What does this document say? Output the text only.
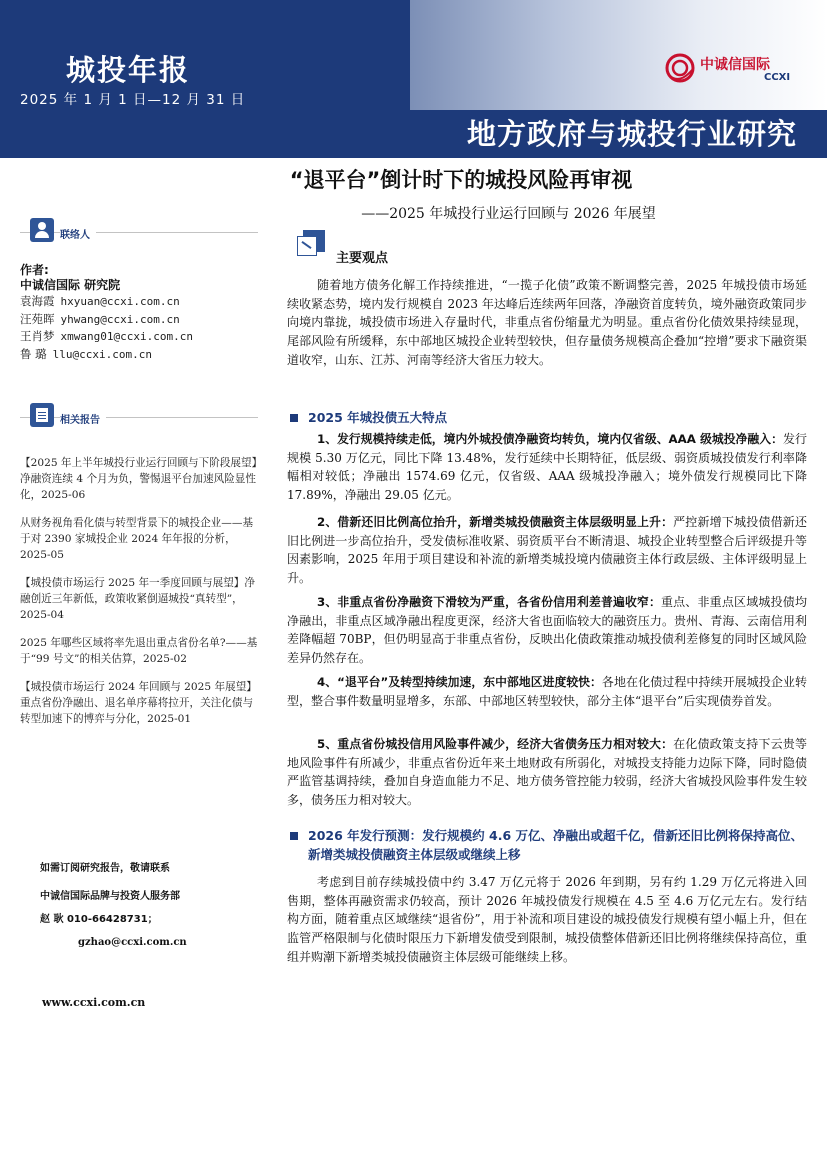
城投年报
2025 年 1 月 1 日—12 月 31 日
地方政府与城投行业研究
中诚信国际
CCXI
“退平台”倒计时下的城投风险再审视
——2025 年城投行业运行回顾与 2026 年展望
联络人
作者:
中诚信国际 研究院
袁海霞 hxyuan@ccxi.com.cn
汪苑晖 yhwang@ccxi.com.cn
王肖梦 xmwang01@ccxi.com.cn
鲁 璐 llu@ccxi.com.cn
相关报告
【2025 年上半年城投行业运行回顾与下阶段展望】净融资连续 4 个月为负，警惕退平台加速风险显性化，2025-06
从财务视角看化债与转型背景下的城投企业——基于对 2390 家城投企业 2024 年年报的分析，2025-05
【城投债市场运行 2025 年一季度回顾与展望】净融创近三年新低，政策收紧倒逼城投“真转型”，2025-04
2025 年哪些区域将率先退出重点省份名单?——基于“99 号文”的相关估算，2025-02
【城投债市场运行 2024 年回顾与 2025 年展望】重点省份净融出、退名单序幕将拉开，关注化债与转型加速下的博弈与分化，2025-01
如需订阅研究报告，敬请联系
中诚信国际品牌与投资人服务部
赵 耿 010-66428731；
gzhao@ccxi.com.cn
www.ccxi.com.cn
主要观点
随着地方债务化解工作持续推进，“一揽子化债”政策不断调整完善，2025 年城投债市场延续收紧态势，境内发行规模自 2023 年达峰后连续两年回落，净融资首度转负，境外融资政策同步向境内靠拢，城投债市场进入存量时代，非重点省份缩量尤为明显。重点省份化债效果持续显现，尾部风险有所缓释，东中部地区城投企业转型较快，但存量债务规模高企叠加“控增”要求下融资渠道收窄，山东、江苏、河南等经济大省压力较大。
2025 年城投债五大特点
1、发行规模持续走低，境内外城投债净融资均转负，境内仅省级、AAA 级城投净融入：发行规模 5.30 万亿元，同比下降 13.48%，发行延续中长期特征，低层级、弱资质城投债发行利率降幅相对较低；净融出 1574.69 亿元，仅省级、AAA 级城投净融入；境外债发行规模同比下降 17.89%，净融出 29.05 亿元。
2、借新还旧比例高位抬升，新增类城投债融资主体层级明显上升：严控新增下城投债借新还旧比例进一步高位抬升，受发债标准收紧、弱资质平台不断清退、城投企业转型整合后评级提升等因素影响，2025 年用于项目建设和补流的新增类城投境内债融资主体行政层级、主体评级明显上升。
3、非重点省份净融资下滑较为严重，各省份信用利差普遍收窄：重点、非重点区域城投债均净融出，非重点区域净融出程度更深，经济大省也面临较大的融资压力。贵州、青海、云南信用利差降幅超 70BP，但仍明显高于非重点省份，反映出化债政策推动城投债利差修复的同时区域风险差异仍然存在。
4、“退平台”及转型持续加速，东中部地区进度较快：各地在化债过程中持续开展城投企业转型，整合事件数量明显增多，东部、中部地区转型较快，部分主体“退平台”后实现债券首发。
5、重点省份城投信用风险事件减少，经济大省债务压力相对较大：在化债政策支持下云贵等地风险事件有所减少，非重点省份近年来土地财政有所弱化，对城投支持能力边际下降，同时隐债严监管基调持续，叠加自身造血能力不足、地方债务管控能力较弱，经济大省城投风险事件发生较多，债务压力相对较大。
2026 年发行预测：发行规模约 4.6 万亿、净融出或超千亿，借新还旧比例将保持高位、新增类城投债融资主体层级或继续上移
考虑到目前存续城投债中约 3.47 万亿元将于 2026 年到期，另有约 1.29 万亿元将进入回售期，整体再融资需求仍较高，预计 2026 年城投债发行规模在 4.5 至 4.6 万亿元左右。发行结构方面，随着重点区域继续“退省份”，用于补流和项目建设的城投债发行规模有望小幅上升，但在监管严格限制与化债时限压力下新增发债受到限制，城投债整体借新还旧比例将继续保持高位，重组并购潮下新增类城投债融资主体层级可能继续上移。
